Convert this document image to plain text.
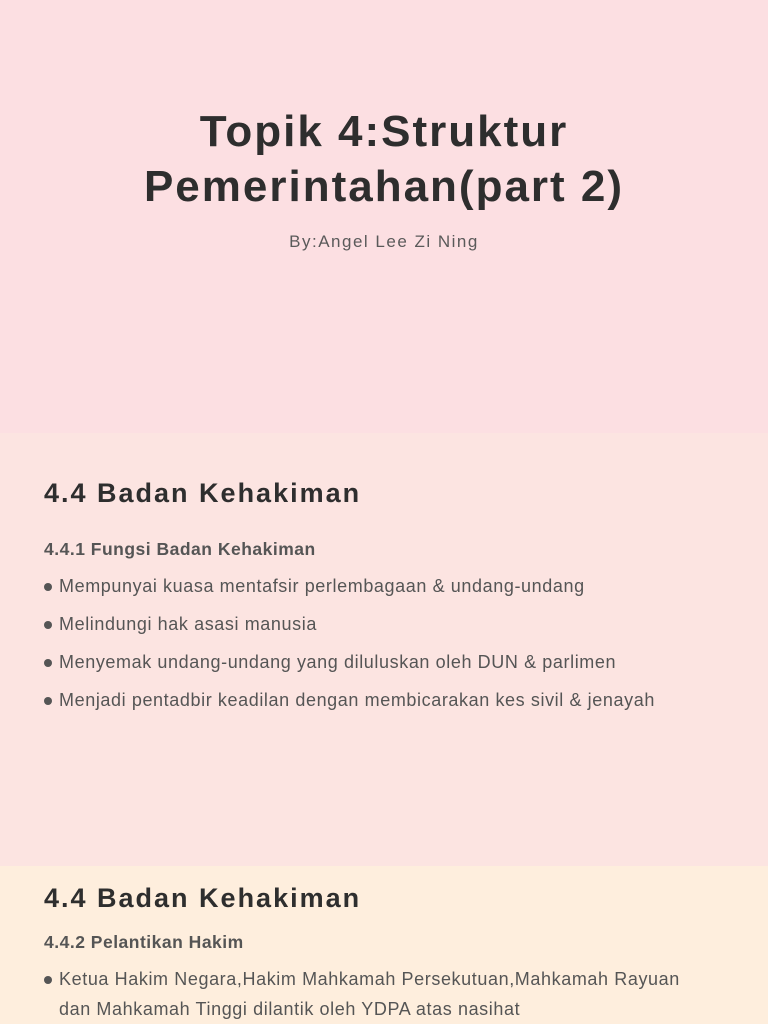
Topik 4:Struktur
Pemerintahan(part 2)
By:Angel Lee Zi Ning
4.4 Badan Kehakiman
4.4.1 Fungsi Badan Kehakiman
Mempunyai kuasa mentafsir perlembagaan & undang-undang
Melindungi hak asasi manusia
Menyemak undang-undang yang diluluskan oleh DUN & parlimen
Menjadi pentadbir keadilan dengan membicarakan kes sivil & jenayah
4.4 Badan Kehakiman
4.4.2 Pelantikan Hakim
Ketua Hakim Negara,Hakim Mahkamah Persekutuan,Mahkamah Rayuan dan Mahkamah Tinggi dilantik oleh YDPA atas nasihat
